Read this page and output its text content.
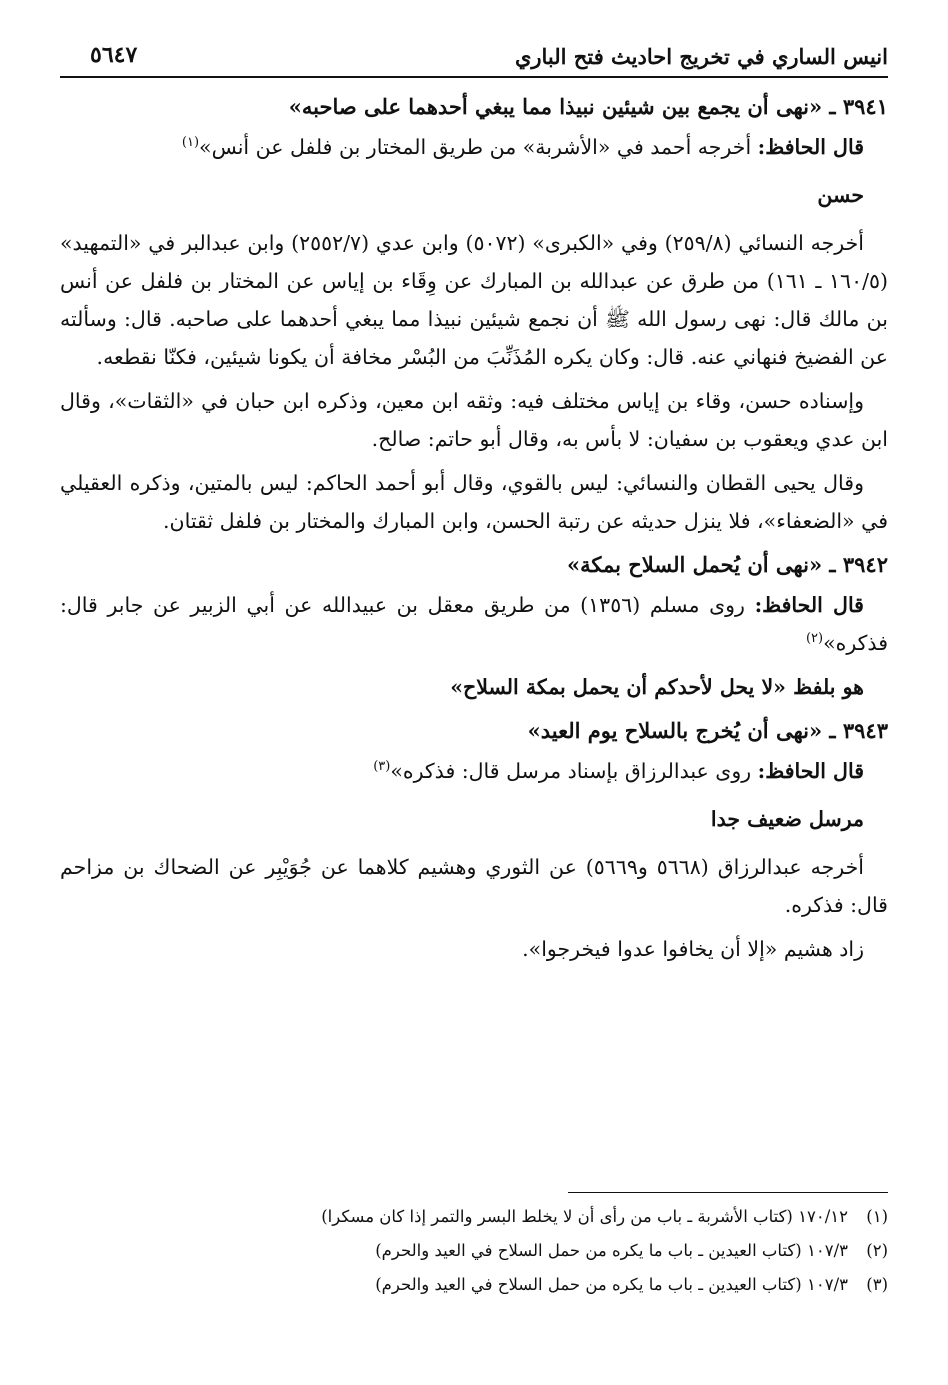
انيس الساري في تخريج احاديث فتح الباري
٥٦٤٧
٣٩٤١ ـ «نهى أن يجمع بين شيئين نبيذا مما يبغي أحدهما على صاحبه»
قال الحافظ: أخرجه أحمد في «الأشربة» من طريق المختار بن فلفل عن أنس»$^{(١)}$
حسن
أخرجه النسائي (٢٥٩/٨) وفي «الكبرى» (٥٠٧٢) وابن عدي (٢٥٥٢/٧) وابن عبدالبر في «التمهيد» (١٦٠/٥ ـ ١٦١) من طرق عن عبدالله بن المبارك عن وِقَاء بن إياس عن المختار بن فلفل عن أنس بن مالك قال: نهى رسول الله ﷺ أن نجمع شيئين نبيذا مما يبغي أحدهما على صاحبه. قال: وسألته عن الفضيخ فنهاني عنه. قال: وكان يكره المُذَنِّبَ من البُسْر مخافة أن يكونا شيئين، فكنّا نقطعه.
وإسناده حسن، وقاء بن إياس مختلف فيه: وثقه ابن معين، وذكره ابن حبان في «الثقات»، وقال ابن عدي ويعقوب بن سفيان: لا بأس به، وقال أبو حاتم: صالح.
وقال يحيى القطان والنسائي: ليس بالقوي، وقال أبو أحمد الحاكم: ليس بالمتين، وذكره العقيلي في «الضعفاء»، فلا ينزل حديثه عن رتبة الحسن، وابن المبارك والمختار بن فلفل ثقتان.
٣٩٤٢ ـ «نهى أن يُحمل السلاح بمكة»
قال الحافظ: روى مسلم (١٣٥٦) من طريق معقل بن عبيدالله عن أبي الزبير عن جابر قال: فذكره»$^{(٢)}$
هو بلفظ «لا يحل لأحدكم أن يحمل بمكة السلاح»
٣٩٤٣ ـ «نهى أن يُخرج بالسلاح يوم العيد»
قال الحافظ: روى عبدالرزاق بإسناد مرسل قال: فذكره»$^{(٣)}$
مرسل ضعيف جدا
أخرجه عبدالرزاق (٥٦٦٨ و٥٦٦٩) عن الثوري وهشيم كلاهما عن جُوَيْبِر عن الضحاك بن مزاحم قال: فذكره.
زاد هشيم «إلا أن يخافوا عدوا فيخرجوا».
(١)
١٧٠/١٢ (كتاب الأشربة ـ باب من رأى أن لا يخلط البسر والتمر إذا كان مسكرا)
(٢)
١٠٧/٣ (كتاب العيدين ـ باب ما يكره من حمل السلاح في العيد والحرم)
(٣)
١٠٧/٣ (كتاب العيدين ـ باب ما يكره من حمل السلاح في العيد والحرم)
